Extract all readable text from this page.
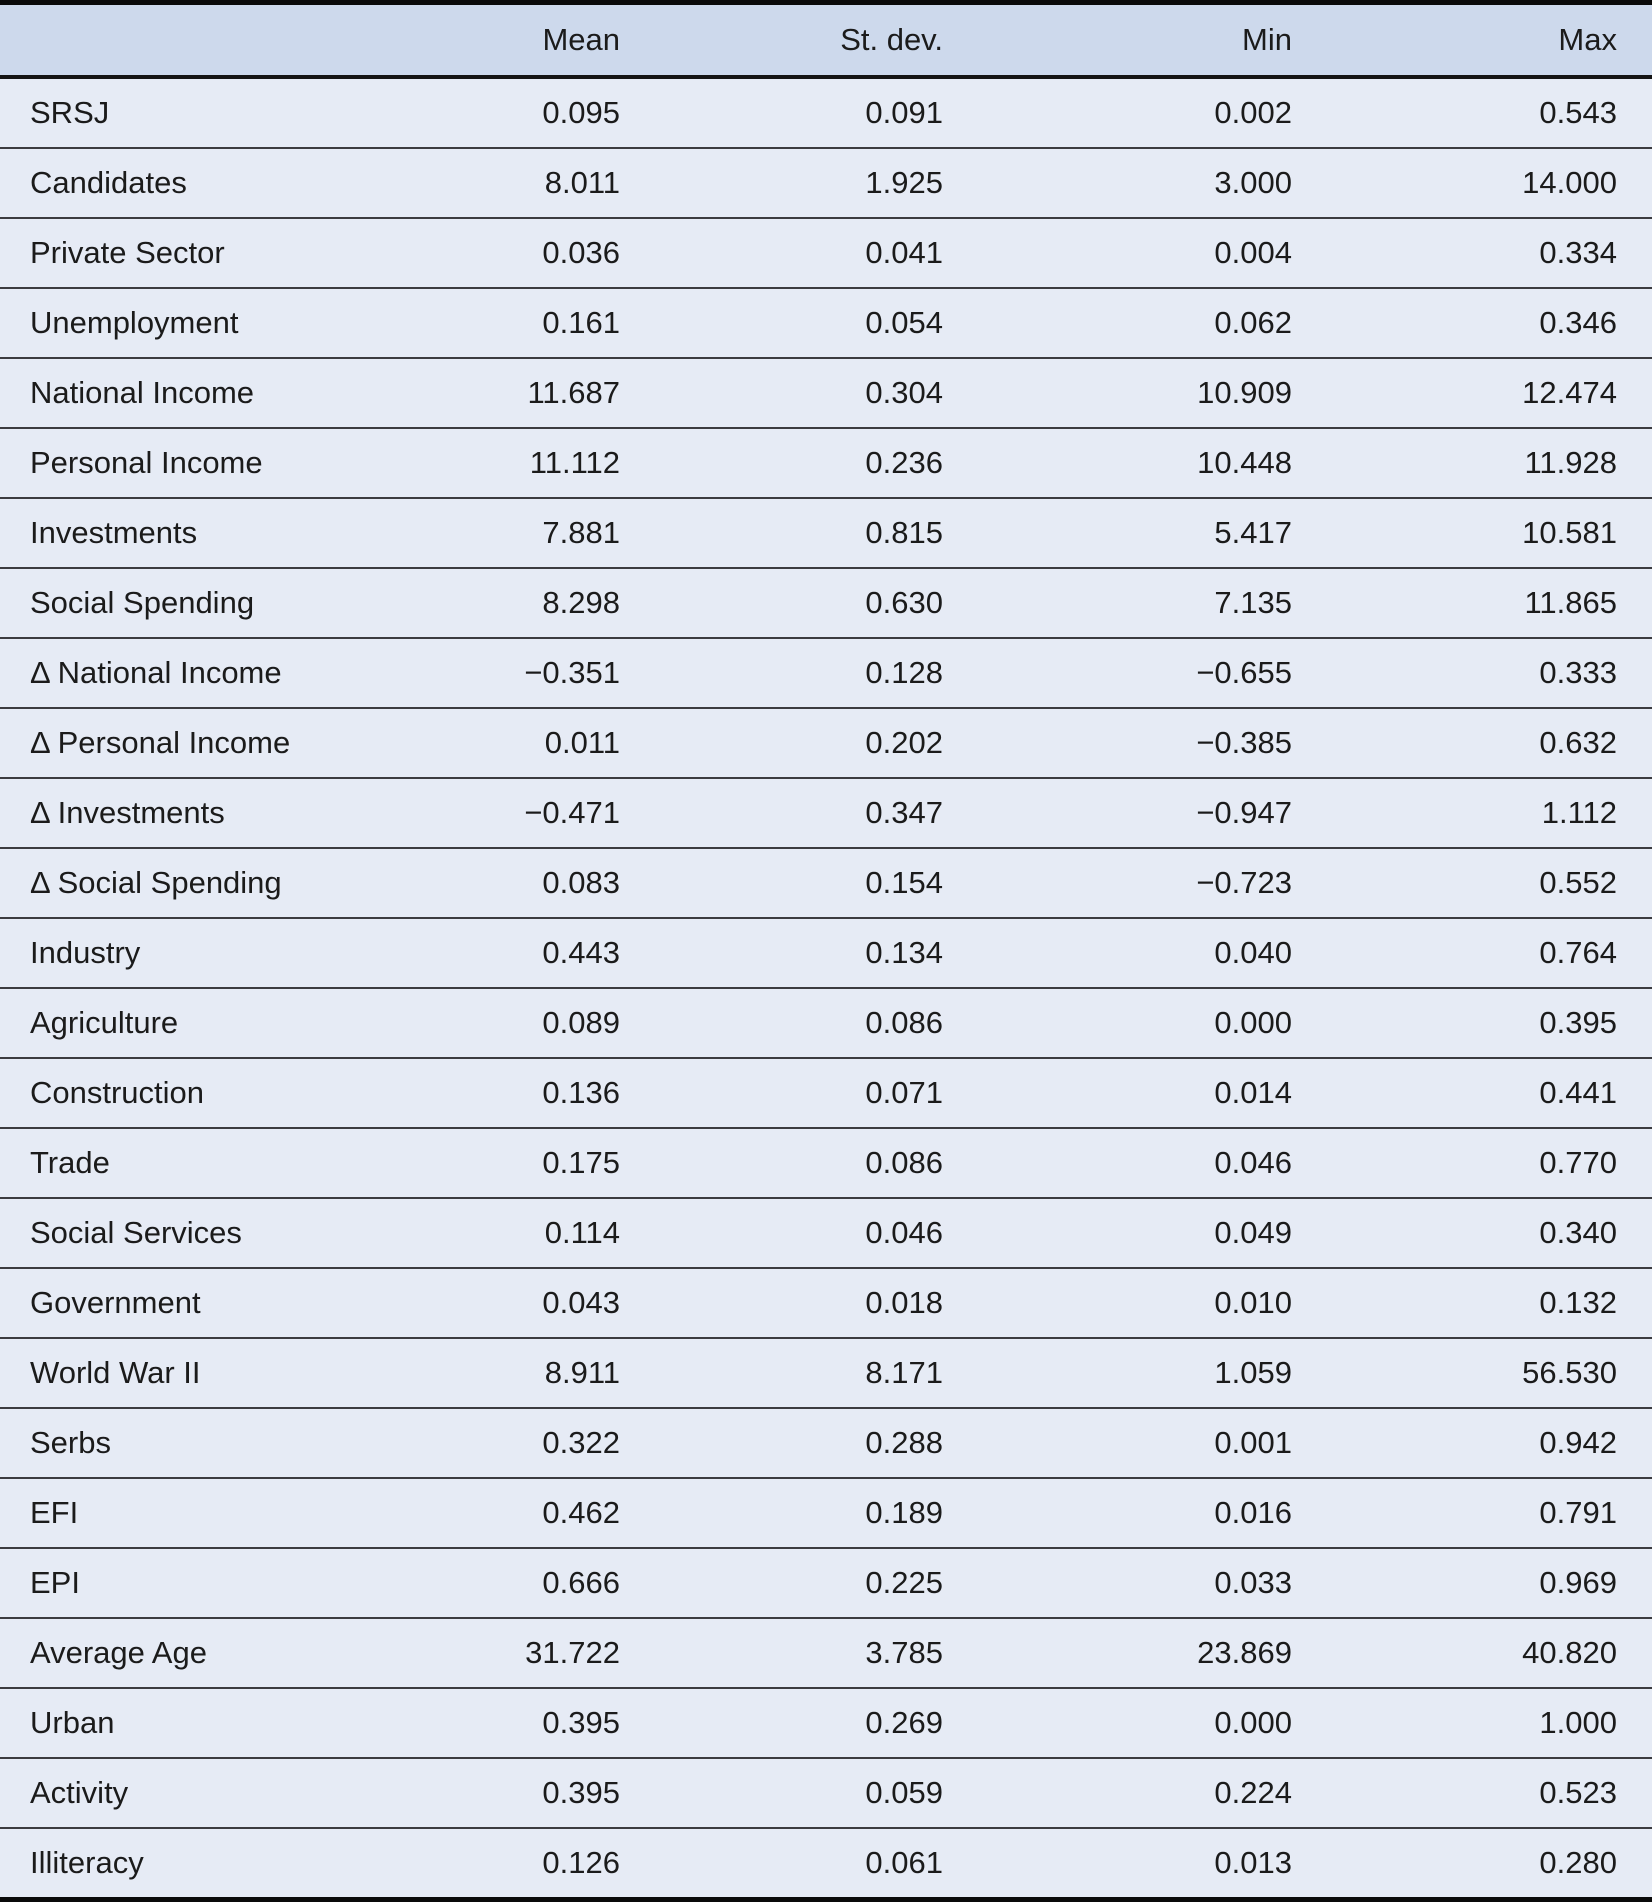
	Mean	St. dev.	Min	Max
SRSJ	0.095	0.091	0.002	0.543
Candidates	8.011	1.925	3.000	14.000
Private Sector	0.036	0.041	0.004	0.334
Unemployment	0.161	0.054	0.062	0.346
National Income	11.687	0.304	10.909	12.474
Personal Income	11.112	0.236	10.448	11.928
Investments	7.881	0.815	5.417	10.581
Social Spending	8.298	0.630	7.135	11.865
Δ National Income	−0.351	0.128	−0.655	0.333
Δ Personal Income	0.011	0.202	−0.385	0.632
Δ Investments	−0.471	0.347	−0.947	1.112
Δ Social Spending	0.083	0.154	−0.723	0.552
Industry	0.443	0.134	0.040	0.764
Agriculture	0.089	0.086	0.000	0.395
Construction	0.136	0.071	0.014	0.441
Trade	0.175	0.086	0.046	0.770
Social Services	0.114	0.046	0.049	0.340
Government	0.043	0.018	0.010	0.132
World War II	8.911	8.171	1.059	56.530
Serbs	0.322	0.288	0.001	0.942
EFI	0.462	0.189	0.016	0.791
EPI	0.666	0.225	0.033	0.969
Average Age	31.722	3.785	23.869	40.820
Urban	0.395	0.269	0.000	1.000
Activity	0.395	0.059	0.224	0.523
Illiteracy	0.126	0.061	0.013	0.280
